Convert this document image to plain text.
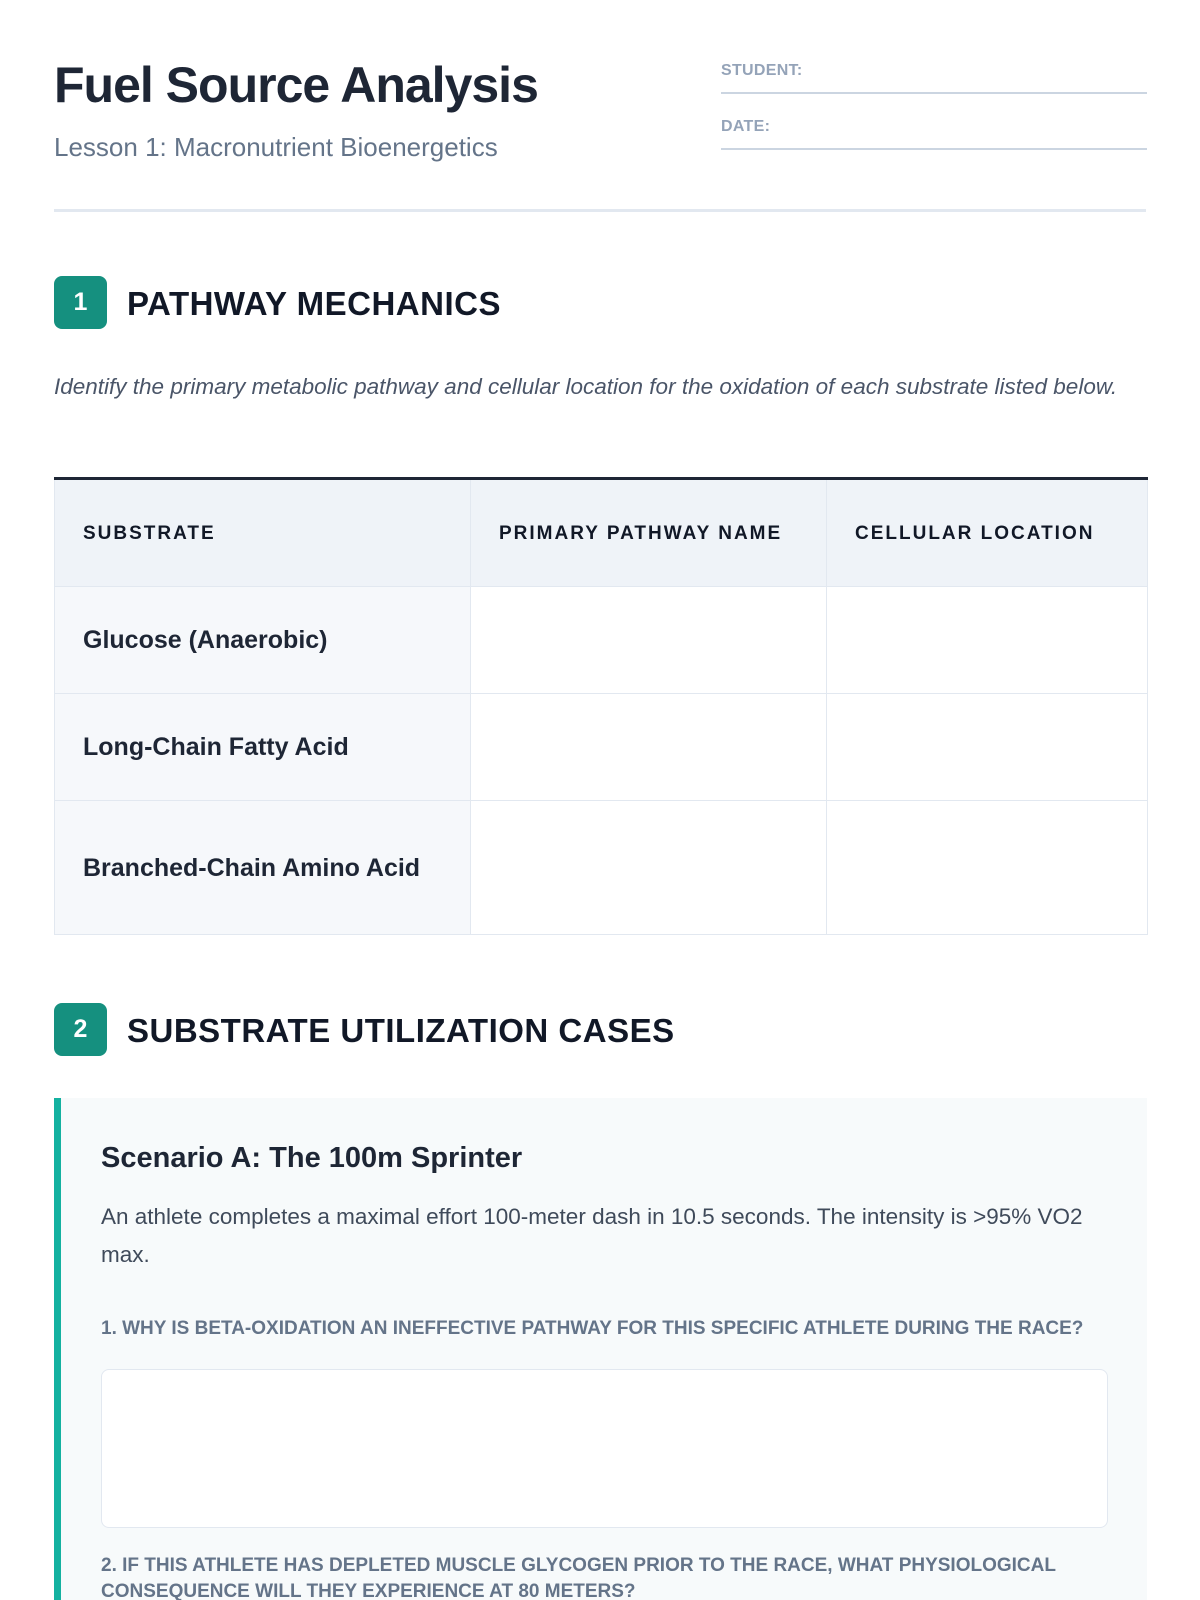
Fuel Source Analysis
Lesson 1: Macronutrient Bioenergetics
STUDENT:
DATE:
1	PATHWAY MECHANICS

Identify the primary metabolic pathway and cellular location for the oxidation of each substrate listed below.

SUBSTRATE	PRIMARY PATHWAY NAME	CELLULAR LOCATION
Glucose (Anaerobic)		
Long-Chain Fatty Acid		
Branched-Chain Amino Acid		
2	SUBSTRATE UTILIZATION CASES
Scenario A: The 100m Sprinter

An athlete completes a maximal effort 100-meter dash in 10.5 seconds. The intensity is >95% VO2 max.

1. WHY IS BETA-OXIDATION AN INEFFECTIVE PATHWAY FOR THIS SPECIFIC ATHLETE DURING THE RACE?
2. IF THIS ATHLETE HAS DEPLETED MUSCLE GLYCOGEN PRIOR TO THE RACE, WHAT PHYSIOLOGICAL CONSEQUENCE WILL THEY EXPERIENCE AT 80 METERS?
